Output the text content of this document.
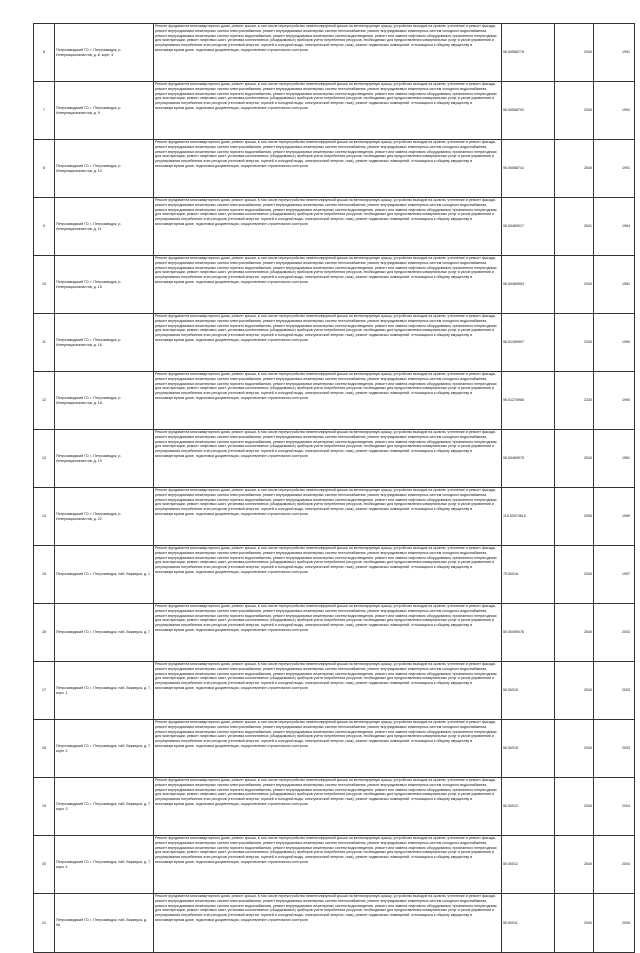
6	Петрозаводский ГО, г. Петрозаводск, р. Интернационалистов, д. 8, корп. 4	Ремонт фундамента многоквартирного дома, ремонт крыши, в том числе переустройство невентилируемой крыши на вентилируемую крышу, устройство выходов на кровлю, утепление и ремонт фасада, ремонт внутридомовых инженерных систем электроснабжения, ремонт внутридомовых инженерных систем теплоснабжения, ремонт внутридомовых инженерных систем холодного водоснабжения, ремонт внутридомовых инженерных систем горячего водоснабжения, ремонт внутридомовых инженерных систем водоотведения, ремонт или замена лифтового оборудования, признанного непригодным для эксплуатации, ремонт лифтовых шахт, установка коллективных (общедомовых) приборов учета потребления ресурсов, необходимых для предоставления коммунальных услуг и узлов управления и регулирования потребления этих ресурсов (тепловой энергии, горячей и холодной воды, электрической энергии, газа), ремонт подвальных помещений, относящихся к общему имуществу в многоквартирном доме, подготовка документации, осуществление строительного контроля	96.50568776	2540	1991
7	Петрозаводский ГО, г. Петрозаводск, р. Интернационалистов, д. 9	Ремонт фундамента многоквартирного дома, ремонт крыши, в том числе переустройство невентилируемой крыши на вентилируемую крышу, устройство выходов на кровлю, утепление и ремонт фасада, ремонт внутридомовых инженерных систем электроснабжения, ремонт внутридомовых инженерных систем теплоснабжения, ремонт внутридомовых инженерных систем холодного водоснабжения, ремонт внутридомовых инженерных систем горячего водоснабжения, ремонт внутридомовых инженерных систем водоотведения, ремонт или замена лифтового оборудования, признанного непригодным для эксплуатации, ремонт лифтовых шахт, установка коллективных (общедомовых) приборов учета потребления ресурсов, необходимых для предоставления коммунальных услуг и узлов управления и регулирования потребления этих ресурсов (тепловой энергии, горячей и холодной воды, электрической энергии, газа), ремонт подвальных помещений, относящихся к общему имуществу в многоквартирном доме, подготовка документации, осуществление строительного контроля	96.50568792	2540	1992
8	Петрозаводский ГО, г. Петрозаводск, р. Интернационалистов, д. 10	Ремонт фундамента многоквартирного дома, ремонт крыши, в том числе переустройство невентилируемой крыши на вентилируемую крышу, устройство выходов на кровлю, утепление и ремонт фасада, ремонт внутридомовых инженерных систем электроснабжения, ремонт внутридомовых инженерных систем теплоснабжения, ремонт внутридомовых инженерных систем холодного водоснабжения, ремонт внутридомовых инженерных систем горячего водоснабжения, ремонт внутридомовых инженерных систем водоотведения, ремонт или замена лифтового оборудования, признанного непригодным для эксплуатации, ремонт лифтовых шахт, установка коллективных (общедомовых) приборов учета потребления ресурсов, необходимых для предоставления коммунальных услуг и узлов управления и регулирования потребления этих ресурсов (тепловой энергии, горячей и холодной воды, электрической энергии, газа), ремонт подвальных помещений, относящихся к общему имуществу в многоквартирном доме, подготовка документации, осуществление строительного контроля	96.50568741	2540	1991
9	Петрозаводский ГО, г. Петрозаводск, р. Интернационалистов, д. 11	Ремонт фундамента многоквартирного дома, ремонт крыши, в том числе переустройство невентилируемой крыши на вентилируемую крышу, устройство выходов на кровлю, утепление и ремонт фасада, ремонт внутридомовых инженерных систем электроснабжения, ремонт внутридомовых инженерных систем теплоснабжения, ремонт внутридомовых инженерных систем холодного водоснабжения, ремонт внутридомовых инженерных систем горячего водоснабжения, ремонт внутридомовых инженерных систем водоотведения, ремонт или замена лифтового оборудования, признанного непригодным для эксплуатации, ремонт лифтовых шахт, установка коллективных (общедомовых) приборов учета потребления ресурсов, необходимых для предоставления коммунальных услуг и узлов управления и регулирования потребления этих ресурсов (тепловой энергии, горячей и холодной воды, электрической энергии, газа), ремонт подвальных помещений, относящихся к общему имуществу в многоквартирном доме, подготовка документации, осуществление строительного контроля	96.50469017	2541	1984
10	Петрозаводский ГО, г. Петрозаводск, р. Интернационалистов, д. 15	Ремонт фундамента многоквартирного дома, ремонт крыши, в том числе переустройство невентилируемой крыши на вентилируемую крышу, устройство выходов на кровлю, утепление и ремонт фасада, ремонт внутридомовых инженерных систем электроснабжения, ремонт внутридомовых инженерных систем теплоснабжения, ремонт внутридомовых инженерных систем холодного водоснабжения, ремонт внутридомовых инженерных систем горячего водоснабжения, ремонт внутридомовых инженерных систем водоотведения, ремонт или замена лифтового оборудования, признанного непригодным для эксплуатации, ремонт лифтовых шахт, установка коллективных (общедомовых) приборов учета потребления ресурсов, необходимых для предоставления коммунальных услуг и узлов управления и регулирования потребления этих ресурсов (тепловой энергии, горячей и холодной воды, электрической энергии, газа), ремонт подвальных помещений, относящихся к общему имуществу в многоквартирном доме, подготовка документации, осуществление строительного контроля	96.50469954	2540	1981
11	Петрозаводский ГО, г. Петрозаводск, р. Интернационалистов, д. 16	Ремонт фундамента многоквартирного дома, ремонт крыши, в том числе переустройство невентилируемой крыши на вентилируемую крышу, устройство выходов на кровлю, утепление и ремонт фасада, ремонт внутридомовых инженерных систем электроснабжения, ремонт внутридомовых инженерных систем теплоснабжения, ремонт внутридомовых инженерных систем холодного водоснабжения, ремонт внутридомовых инженерных систем горячего водоснабжения, ремонт внутридомовых инженерных систем водоотведения, ремонт или замена лифтового оборудования, признанного непригодным для эксплуатации, ремонт лифтовых шахт, установка коллективных (общедомовых) приборов учета потребления ресурсов, необходимых для предоставления коммунальных услуг и узлов управления и регулирования потребления этих ресурсов (тепловой энергии, горячей и холодной воды, электрической энергии, газа), ремонт подвальных помещений, относящихся к общему имуществу в многоквартирном доме, подготовка документации, осуществление строительного контроля	96.51269907	2330	1990
12	Петрозаводский ГО, г. Петрозаводск, р. Интернационалистов, д. 18	Ремонт фундамента многоквартирного дома, ремонт крыши, в том числе переустройство невентилируемой крыши на вентилируемую крышу, устройство выходов на кровлю, утепление и ремонт фасада, ремонт внутридомовых инженерных систем электроснабжения, ремонт внутридомовых инженерных систем теплоснабжения, ремонт внутридомовых инженерных систем холодного водоснабжения, ремонт внутридомовых инженерных систем горячего водоснабжения, ремонт внутридомовых инженерных систем водоотведения, ремонт или замена лифтового оборудования, признанного непригодным для эксплуатации, ремонт лифтовых шахт, установка коллективных (общедомовых) приборов учета потребления ресурсов, необходимых для предоставления коммунальных услуг и узлов управления и регулирования потребления этих ресурсов (тепловой энергии, горячей и холодной воды, электрической энергии, газа), ремонт подвальных помещений, относящихся к общему имуществу в многоквартирном доме, подготовка документации, осуществление строительного контроля	96.51270966	2330	1990
13	Петрозаводский ГО, г. Петрозаводск, р. Интернационалистов, д. 19	Ремонт фундамента многоквартирного дома, ремонт крыши, в том числе переустройство невентилируемой крыши на вентилируемую крышу, устройство выходов на кровлю, утепление и ремонт фасада, ремонт внутридомовых инженерных систем электроснабжения, ремонт внутридомовых инженерных систем теплоснабжения, ремонт внутридомовых инженерных систем холодного водоснабжения, ремонт внутридомовых инженерных систем горячего водоснабжения, ремонт внутридомовых инженерных систем водоотведения, ремонт или замена лифтового оборудования, признанного непригодным для эксплуатации, ремонт лифтовых шахт, установка коллективных (общедомовых) приборов учета потребления ресурсов, необходимых для предоставления коммунальных услуг и узлов управления и регулирования потребления этих ресурсов (тепловой энергии, горячей и холодной воды, электрической энергии, газа), ремонт подвальных помещений, относящихся к общему имуществу в многоквартирном доме, подготовка документации, осуществление строительного контроля	96.50469975	2540	1981
14	Петрозаводский ГО, г. Петрозаводск, р. Интернационалистов, д. 22	Ремонт фундамента многоквартирного дома, ремонт крыши, в том числе переустройство невентилируемой крыши на вентилируемую крышу, устройство выходов на кровлю, утепление и ремонт фасада, ремонт внутридомовых инженерных систем электроснабжения, ремонт внутридомовых инженерных систем теплоснабжения, ремонт внутридомовых инженерных систем холодного водоснабжения, ремонт внутридомовых инженерных систем горячего водоснабжения, ремонт внутридомовых инженерных систем водоотведения, ремонт или замена лифтового оборудования, признанного непригодным для эксплуатации, ремонт лифтовых шахт, установка коллективных (общедомовых) приборов учета потребления ресурсов, необходимых для предоставления коммунальных услуг и узлов управления и регулирования потребления этих ресурсов (тепловой энергии, горячей и холодной воды, электрической энергии, газа), ремонт подвальных помещений, относящихся к общему имуществу в многоквартирном доме, подготовка документации, осуществление строительного контроля	115.50974615	2595	1989
15	Петрозаводский ГО, г. Петрозаводск, наб. Варкауса, д. 1	Ремонт фундамента многоквартирного дома, ремонт крыши, в том числе переустройство невентилируемой крыши на вентилируемую крышу, устройство выходов на кровлю, утепление и ремонт фасада, ремонт внутридомовых инженерных систем электроснабжения, ремонт внутридомовых инженерных систем теплоснабжения, ремонт внутридомовых инженерных систем холодного водоснабжения, ремонт внутридомовых инженерных систем горячего водоснабжения, ремонт внутридомовых инженерных систем водоотведения, ремонт или замена лифтового оборудования, признанного непригодным для эксплуатации, ремонт лифтовых шахт, установка коллективных (общедомовых) приборов учета потребления ресурсов, необходимых для предоставления коммунальных услуг и узлов управления и регулирования потребления этих ресурсов (тепловой энергии, горячей и холодной воды, электрической энергии, газа), ремонт подвальных помещений, относящихся к общему имуществу в многоквартирном доме, подготовка документации, осуществление строительного контроля	75.50018	2540	1997
16	Петрозаводский ГО, г. Петрозаводск, наб. Варкауса, д. 7	Ремонт фундамента многоквартирного дома, ремонт крыши, в том числе переустройство невентилируемой крыши на вентилируемую крышу, устройство выходов на кровлю, утепление и ремонт фасада, ремонт внутридомовых инженерных систем электроснабжения, ремонт внутридомовых инженерных систем теплоснабжения, ремонт внутридомовых инженерных систем холодного водоснабжения, ремонт внутридомовых инженерных систем горячего водоснабжения, ремонт внутридомовых инженерных систем водоотведения, ремонт или замена лифтового оборудования, признанного непригодным для эксплуатации, ремонт лифтовых шахт, установка коллективных (общедомовых) приборов учета потребления ресурсов, необходимых для предоставления коммунальных услуг и узлов управления и регулирования потребления этих ресурсов (тепловой энергии, горячей и холодной воды, электрической энергии, газа), ремонт подвальных помещений, относящихся к общему имуществу в многоквартирном доме, подготовка документации, осуществление строительного контроля	50.50059476	2540	2003
17	Петрозаводский ГО, г. Петрозаводск, наб. Варкауса, д. 7, корп. 1	Ремонт фундамента многоквартирного дома, ремонт крыши, в том числе переустройство невентилируемой крыши на вентилируемую крышу, устройство выходов на кровлю, утепление и ремонт фасада, ремонт внутридомовых инженерных систем электроснабжения, ремонт внутридомовых инженерных систем теплоснабжения, ремонт внутридомовых инженерных систем холодного водоснабжения, ремонт внутридомовых инженерных систем горячего водоснабжения, ремонт внутридомовых инженерных систем водоотведения, ремонт или замена лифтового оборудования, признанного непригодным для эксплуатации, ремонт лифтовых шахт, установка коллективных (общедомовых) приборов учета потребления ресурсов, необходимых для предоставления коммунальных услуг и узлов управления и регулирования потребления этих ресурсов (тепловой энергии, горячей и холодной воды, электрической энергии, газа), ремонт подвальных помещений, относящихся к общему имуществу в многоквартирном доме, подготовка документации, осуществление строительного контроля	50.50015	2540	2003
18	Петрозаводский ГО, г. Петрозаводск, наб. Варкауса, д. 7, корп. 2	Ремонт фундамента многоквартирного дома, ремонт крыши, в том числе переустройство невентилируемой крыши на вентилируемую крышу, устройство выходов на кровлю, утепление и ремонт фасада, ремонт внутридомовых инженерных систем электроснабжения, ремонт внутридомовых инженерных систем теплоснабжения, ремонт внутридомовых инженерных систем холодного водоснабжения, ремонт внутридомовых инженерных систем горячего водоснабжения, ремонт внутридомовых инженерных систем водоотведения, ремонт или замена лифтового оборудования, признанного непригодным для эксплуатации, ремонт лифтовых шахт, установка коллективных (общедомовых) приборов учета потребления ресурсов, необходимых для предоставления коммунальных услуг и узлов управления и регулирования потребления этих ресурсов (тепловой энергии, горячей и холодной воды, электрической энергии, газа), ремонт подвальных помещений, относящихся к общему имуществу в многоквартирном доме, подготовка документации, осуществление строительного контроля	50.50015	2540	2003
19	Петрозаводский ГО, г. Петрозаводск, наб. Варкауса, д. 7, корп. 3	Ремонт фундамента многоквартирного дома, ремонт крыши, в том числе переустройство невентилируемой крыши на вентилируемую крышу, устройство выходов на кровлю, утепление и ремонт фасада, ремонт внутридомовых инженерных систем электроснабжения, ремонт внутридомовых инженерных систем теплоснабжения, ремонт внутридомовых инженерных систем холодного водоснабжения, ремонт внутридомовых инженерных систем горячего водоснабжения, ремонт внутридомовых инженерных систем водоотведения, ремонт или замена лифтового оборудования, признанного непригодным для эксплуатации, ремонт лифтовых шахт, установка коллективных (общедомовых) приборов учета потребления ресурсов, необходимых для предоставления коммунальных услуг и узлов управления и регулирования потребления этих ресурсов (тепловой энергии, горячей и холодной воды, электрической энергии, газа), ремонт подвальных помещений, относящихся к общему имуществу в многоквартирном доме, подготовка документации, осуществление строительного контроля	50.50012	2540	2004
20	Петрозаводский ГО, г. Петрозаводск, наб. Варкауса, д. 7, корп. 4	Ремонт фундамента многоквартирного дома, ремонт крыши, в том числе переустройство невентилируемой крыши на вентилируемую крышу, устройство выходов на кровлю, утепление и ремонт фасада, ремонт внутридомовых инженерных систем электроснабжения, ремонт внутридомовых инженерных систем теплоснабжения, ремонт внутридомовых инженерных систем холодного водоснабжения, ремонт внутридомовых инженерных систем горячего водоснабжения, ремонт внутридомовых инженерных систем водоотведения, ремонт или замена лифтового оборудования, признанного непригодным для эксплуатации, ремонт лифтовых шахт, установка коллективных (общедомовых) приборов учета потребления ресурсов, необходимых для предоставления коммунальных услуг и узлов управления и регулирования потребления этих ресурсов (тепловой энергии, горячей и холодной воды, электрической энергии, газа), ремонт подвальных помещений, относящихся к общему имуществу в многоквартирном доме, подготовка документации, осуществление строительного контроля	50.50012	2540	2004
21	Петрозаводский ГО, г. Петрозаводск, наб. Варкауса, д. 9а	Ремонт фундамента многоквартирного дома, ремонт крыши, в том числе переустройство невентилируемой крыши на вентилируемую крышу, устройство выходов на кровлю, утепление и ремонт фасада, ремонт внутридомовых инженерных систем электроснабжения, ремонт внутридомовых инженерных систем теплоснабжения, ремонт внутридомовых инженерных систем холодного водоснабжения, ремонт внутридомовых инженерных систем горячего водоснабжения, ремонт внутридомовых инженерных систем водоотведения, ремонт или замена лифтового оборудования, признанного непригодным для эксплуатации, ремонт лифтовых шахт, установка коллективных (общедомовых) приборов учета потребления ресурсов, необходимых для предоставления коммунальных услуг и узлов управления и регулирования потребления этих ресурсов (тепловой энергии, горячей и холодной воды, электрической энергии, газа), ремонт подвальных помещений, относящихся к общему имуществу в многоквартирном доме, подготовка документации, осуществление строительного контроля	50.50011	2540	2005
